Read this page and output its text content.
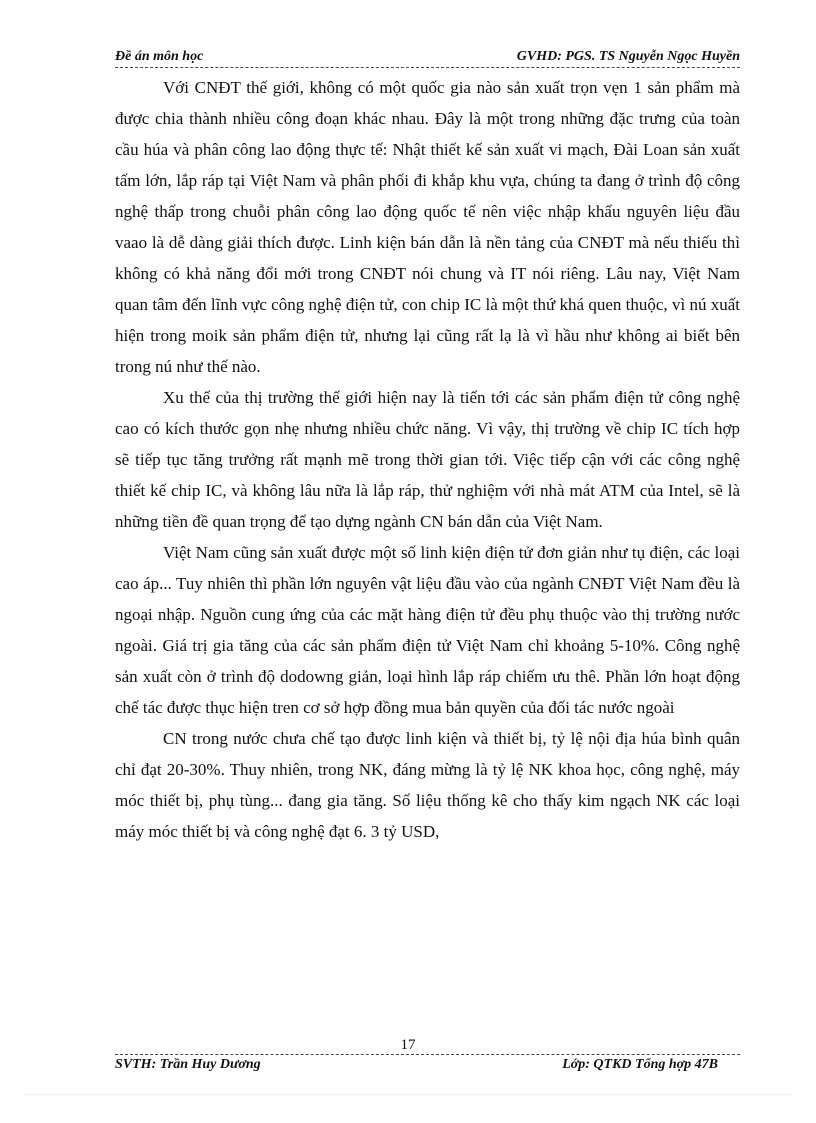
Đề án môn học	GVHD: PGS. TS Nguyễn Ngọc Huyền

Với CNĐT thế giới, không có một quốc gia nào sản xuất trọn vẹn 1 sản phẩm mà được chia thành nhiều công đoạn khác nhau. Đây là một trong những đặc trưng của toàn cầu húa và phân công lao động thực tế: Nhật thiết kế sản xuất vi mạch, Đài Loan sản xuất tấm lớn, lắp ráp tại Việt Nam và phân phối đi khắp khu vựa, chúng ta đang ở trình độ công nghệ thấp trong chuỗi phân công lao động quốc tế nên việc nhập khẩu nguyên liệu đầu vaao là dễ dàng giải thích được. Linh kiện bán dẫn là nền tảng của CNĐT mà nếu thiếu thì không có khả năng đổi mới trong CNĐT nói chung và IT nói riêng. Lâu nay, Việt Nam quan tâm đến lĩnh vực công nghệ điện tử, con chip IC là một thứ khá quen thuộc, vì nú xuất hiện trong moik sản phẩm điện tử, nhưng lại cũng rất lạ là vì hầu như không ai biết bên trong nú như thế nào.

Xu thế của thị trường thế giới hiện nay là tiến tới các sản phẩm điện tử công nghệ cao có kích thước gọn nhẹ nhưng nhiều chức năng. Vì vậy, thị trường về chip IC tích hợp sẽ tiếp tục tăng trưởng rất mạnh mẽ trong thời gian tới. Việc tiếp cận với các công nghệ thiết kế chip IC, và không lâu nữa là lắp ráp, thử nghiệm với nhà mát ATM của Intel, sẽ là những tiền đề quan trọng để tạo dựng ngành CN bán dẫn của Việt Nam.

Việt Nam cũng sản xuất được một số linh kiện điện tử đơn giản như tụ điện, các loại cao áp... Tuy nhiên thì phần lớn nguyên vật liệu đầu vào của ngành CNĐT Việt Nam đều là ngoại nhập. Nguồn cung ứng của các mặt hàng điện tử đều phụ thuộc vào thị trường nước ngoài. Giá trị gia tăng của các sản phẩm điện tử Việt Nam chỉ khoảng 5-10%. Công nghệ sản xuất còn ở trình độ dodowng giản, loại hình lắp ráp chiếm ưu thê. Phần lớn hoạt động chế tác được thục hiện tren cơ sở hợp đồng mua bản quyền của đối tác nước ngoài

CN trong nước chưa chế tạo được linh kiện và thiết bị, tỷ lệ nội địa húa bình quân chỉ đạt 20-30%. Thuy nhiên, trong NK, đáng mừng là tỷ lệ NK khoa học, công nghệ, máy móc thiết bị, phụ tùng... đang gia tăng. Số liệu thống kê cho thấy kim ngạch NK các loại máy móc thiết bị và công nghệ đạt 6. 3 tỷ USD,

17
SVTH: Trần Huy Dương	Lớp: QTKD Tổng hợp 47B
